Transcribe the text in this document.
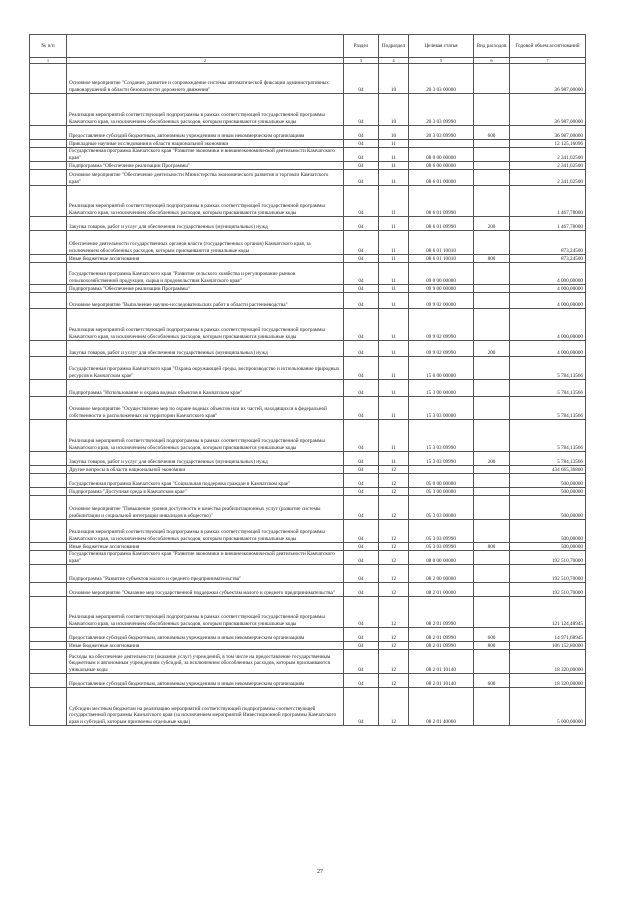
№ п/п		Раздел	Подраздел	Целевая статья	Вид расходов	Годовой объем ассигнований
1	2	3	4	5	6	7
	Основное мероприятие "Создание, развитие и сопровождение системы автоматической фиксации административных правонарушений в области безопасности дорожного движения"	04	10	20 3 03 00000		36 987,00000
	Реализация мероприятий соответствующей подпрограммы в рамках соответствующей государственной программы Камчатского края, за исключением обособленных расходов, которым присваиваются уникальные коды	04	10	20 3 03 09990		36 987,00000
	Предоставление субсидий бюджетным, автономным учреждениям и иным некоммерческим организациям	04	10	20 3 03 09990	600	36 987,00000
	Прикладные научные исследования в области национальной экономики	04	11			12 125,16096
	Государственная программа Камчатского края "Развитие экономики и внешнеэкономической деятельности Камчатского края"	04	11	08 0 00 00000		2 341,02500
	Подпрограмма "Обеспечение реализации Программы"	04	11	08 6 00 00000		2 341,02500
	Основное мероприятие "Обеспечение деятельности Министерства экономического развития и торговли Камчатского края"	04	11	08 6 01 00000		2 341,02500
	Реализация мероприятий соответствующей подпрограммы в рамках соответствующей государственной программы Камчатского края, за исключением обособленных расходов, которым присваиваются уникальные коды	04	11	08 6 01 09990		1 467,78000
	Закупка товаров, работ и услуг для обеспечения государственных (муниципальных) нужд	04	11	08 6 01 09990	200	1 467,78000
	Обеспечение деятельности государственных органов власти (государственных органов) Камчатского края, за исключением обособленных расходов, которым присваиваются уникальные коды	04	11	08 6 01 10010		873,24500
	Иные бюджетные ассигнования	04	11	08 6 01 10010	800	873,24500
	Государственная программа Камчатского края "Развитие сельского хозяйства и регулирование рынков сельскохозяйственной продукции, сырья и продовольствия Камчатского края"	04	11	09 0 00 00000		4 000,00000
	Подпрограмма "Обеспечение реализации Программы"	04	11	09 9 00 00000		4 000,00000
	Основное мероприятие "Выполнение научно-исследовательских работ в области растениеводства"	04	11	09 9 02 00000		4 000,00000
	Реализация мероприятий соответствующей подпрограммы в рамках соответствующей государственной программы Камчатского края, за исключением обособленных расходов, которым присваиваются уникальные коды	04	11	09 9 02 09990		4 000,00000
	Закупка товаров, работ и услуг для обеспечения государственных (муниципальных) нужд	04	11	09 9 02 09990	200	4 000,00000
	Государственная программа Камчатского края "Охрана окружающей среды, воспроизводство и использование природных ресурсов в Камчатском крае"	04	11	15 0 00 00000		5 784,13566
	Подпрограмма "Использование и охрана водных объектов в Камчатском крае"	04	11	15 3 00 00000		5 784,13566
	Основное мероприятие "Осуществление мер по охране водных объектов или их частей, находящихся в федеральной собственности и расположенных на территории Камчатского края"	04	11	15 3 03 00000		5 784,13566
	Реализация мероприятий соответствующей подпрограммы в рамках соответствующей государственной программы Камчатского края, за исключением обособленных расходов, которым присваиваются уникальные коды	04	11	15 3 03 09990		5 784,13566
	Закупка товаров, работ и услуг для обеспечения государственных (муниципальных) нужд	04	11	15 3 03 09990	200	5 784,13566
	Другие вопросы в области национальной экономики	04	12			434 665,36800
	Государственная программа Камчатского края "Социальная поддержка граждан в Камчатском крае"	04	12	05 0 00 00000		500,00000
	Подпрограмма "Доступная среда в Камчатском крае"	04	12	05 3 00 00000		500,00000
	Основное мероприятие "Повышение уровня доступности и качества реабилитационных услуг (развитие системы реабилитации и социальной интеграции инвалидов в общество)"	04	12	05 3 03 00000		500,00000
	Реализация мероприятий соответствующей подпрограммы в рамках соответствующей государственной программы Камчатского края, за исключением обособленных расходов, которым присваиваются уникальные коды	04	12	05 3 03 09990		500,00000
	Иные бюджетные ассигнования	04	12	05 3 03 09990	800	500,00000
	Государственная программа Камчатского края "Развитие экономики и внешнеэкономической деятельности Камчатского края"	04	12	08 0 00 00000		192 510,70000
	Подпрограмма "Развитие субъектов малого и среднего предпринимательства"	04	12	08 2 00 00000		192 510,70000
	Основное мероприятие "Оказание мер государственной поддержки субъектам малого и среднего предпринимательства"	04	12	08 2 01 00000		192 510,70000
	Реализация мероприятий соответствующей подпрограммы в рамках соответствующей государственной программы Камчатского края, за исключением обособленных расходов, которым присваиваются уникальные коды	04	12	08 2 01 09990		121 124,48945
	Предоставление субсидий бюджетным, автономным учреждениям и иным некоммерческим организациям	04	12	08 2 01 09990	600	14 971,68945
	Иные бюджетные ассигнования	04	12	08 2 01 09990	800	106 152,80000
	Расходы на обеспечение деятельности (оказание услуг) учреждений, в том числе на предоставление государственным бюджетным и автономным учреждениям субсидий, за исключением обособленных расходов, которым присваиваются уникальные коды	04	12	08 2 01 10140		18 320,00000
	Предоставление субсидий бюджетным, автономным учреждениям и иным некоммерческим организациям	04	12	08 2 01 10140	600	18 320,00000
	Субсидии местным бюджетам на реализацию мероприятий соответствующей подпрограммы соответствующей государственной программы Камчатского края (за исключением мероприятий Инвестиционной программы Камчатского края и субсидий, которым присвоены отдельные коды)	04	12	08 2 01 40060		5 000,00000
27
